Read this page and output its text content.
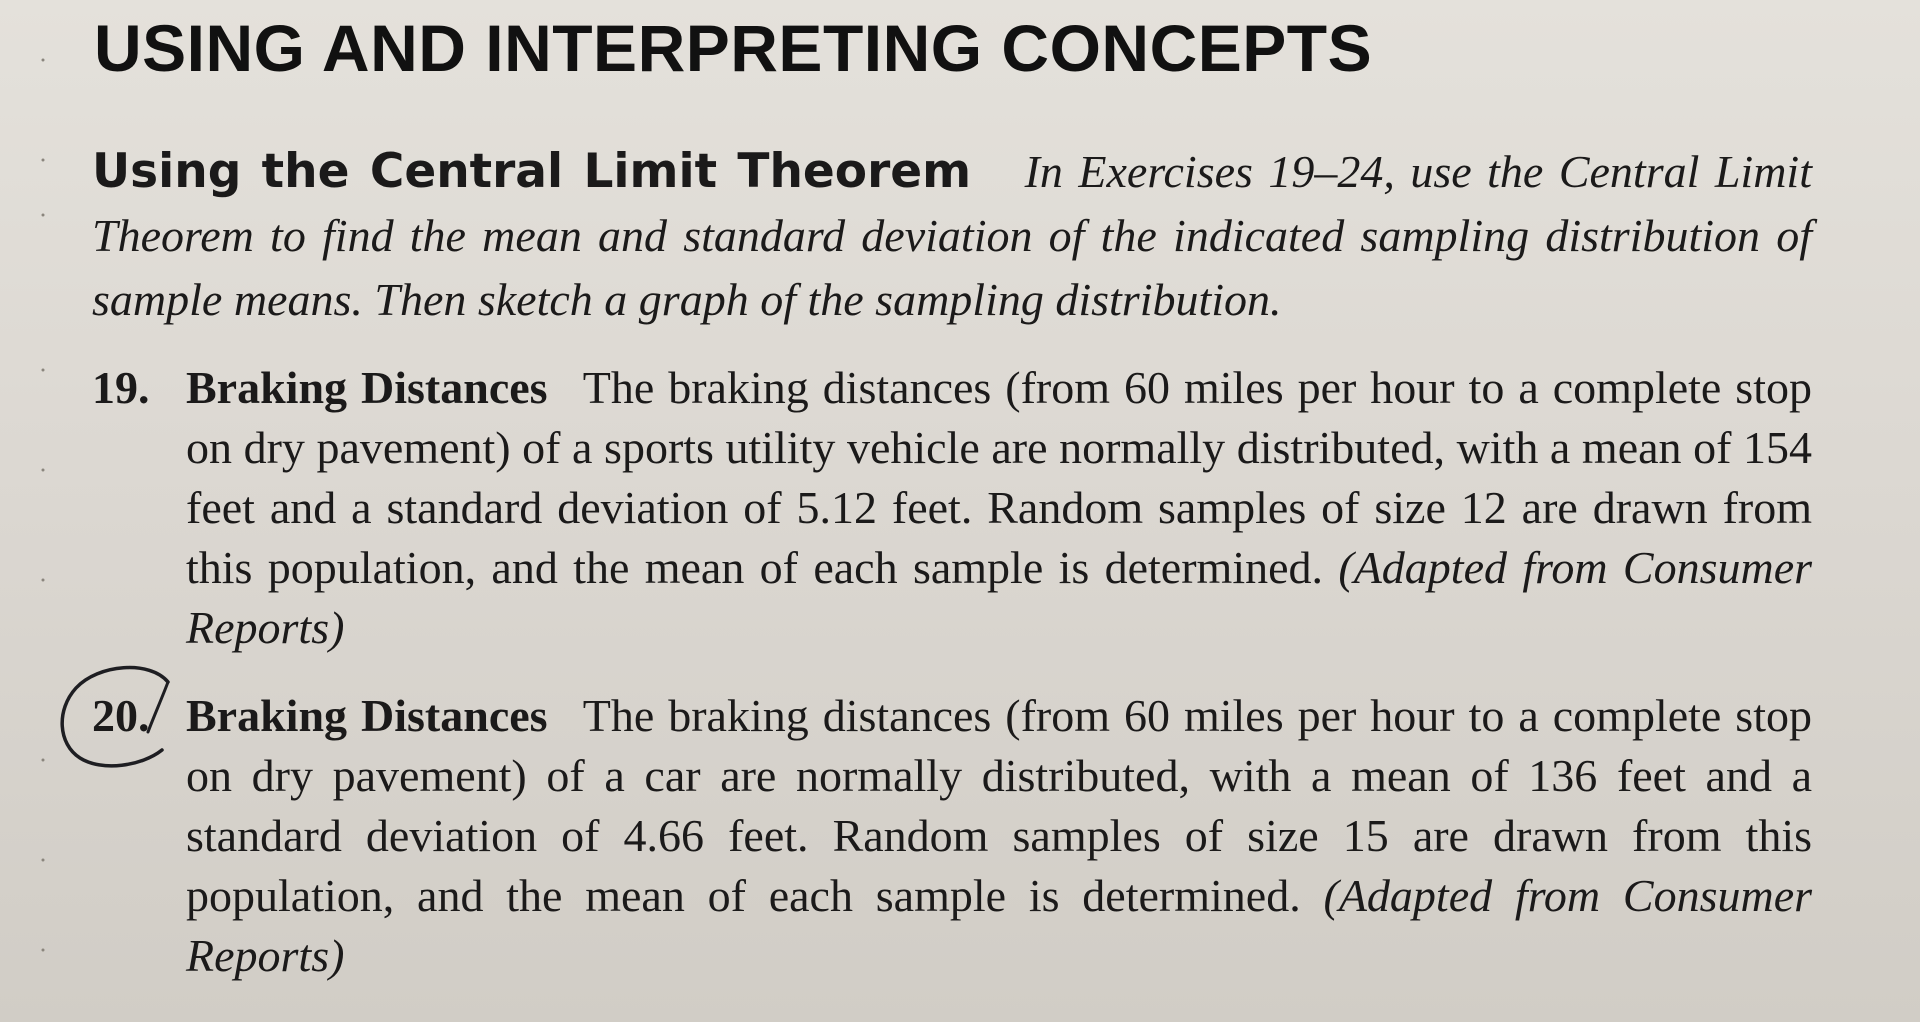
USING AND INTERPRETING CONCEPTS
Using the Central Limit Theorem In Exercises 19–24, use the Central Limit Theorem to find the mean and standard deviation of the indicated sampling distribution of sample means. Then sketch a graph of the sampling distribution.
19. Braking Distances The braking distances (from 60 miles per hour to a complete stop on dry pavement) of a sports utility vehicle are normally distributed, with a mean of 154 feet and a standard deviation of 5.12 feet. Random samples of size 12 are drawn from this population, and the mean of each sample is determined. (Adapted from Consumer Reports)
20. Braking Distances The braking distances (from 60 miles per hour to a complete stop on dry pavement) of a car are normally distributed, with a mean of 136 feet and a standard deviation of 4.66 feet. Random samples of size 15 are drawn from this population, and the mean of each sample is determined. (Adapted from Consumer Reports)
